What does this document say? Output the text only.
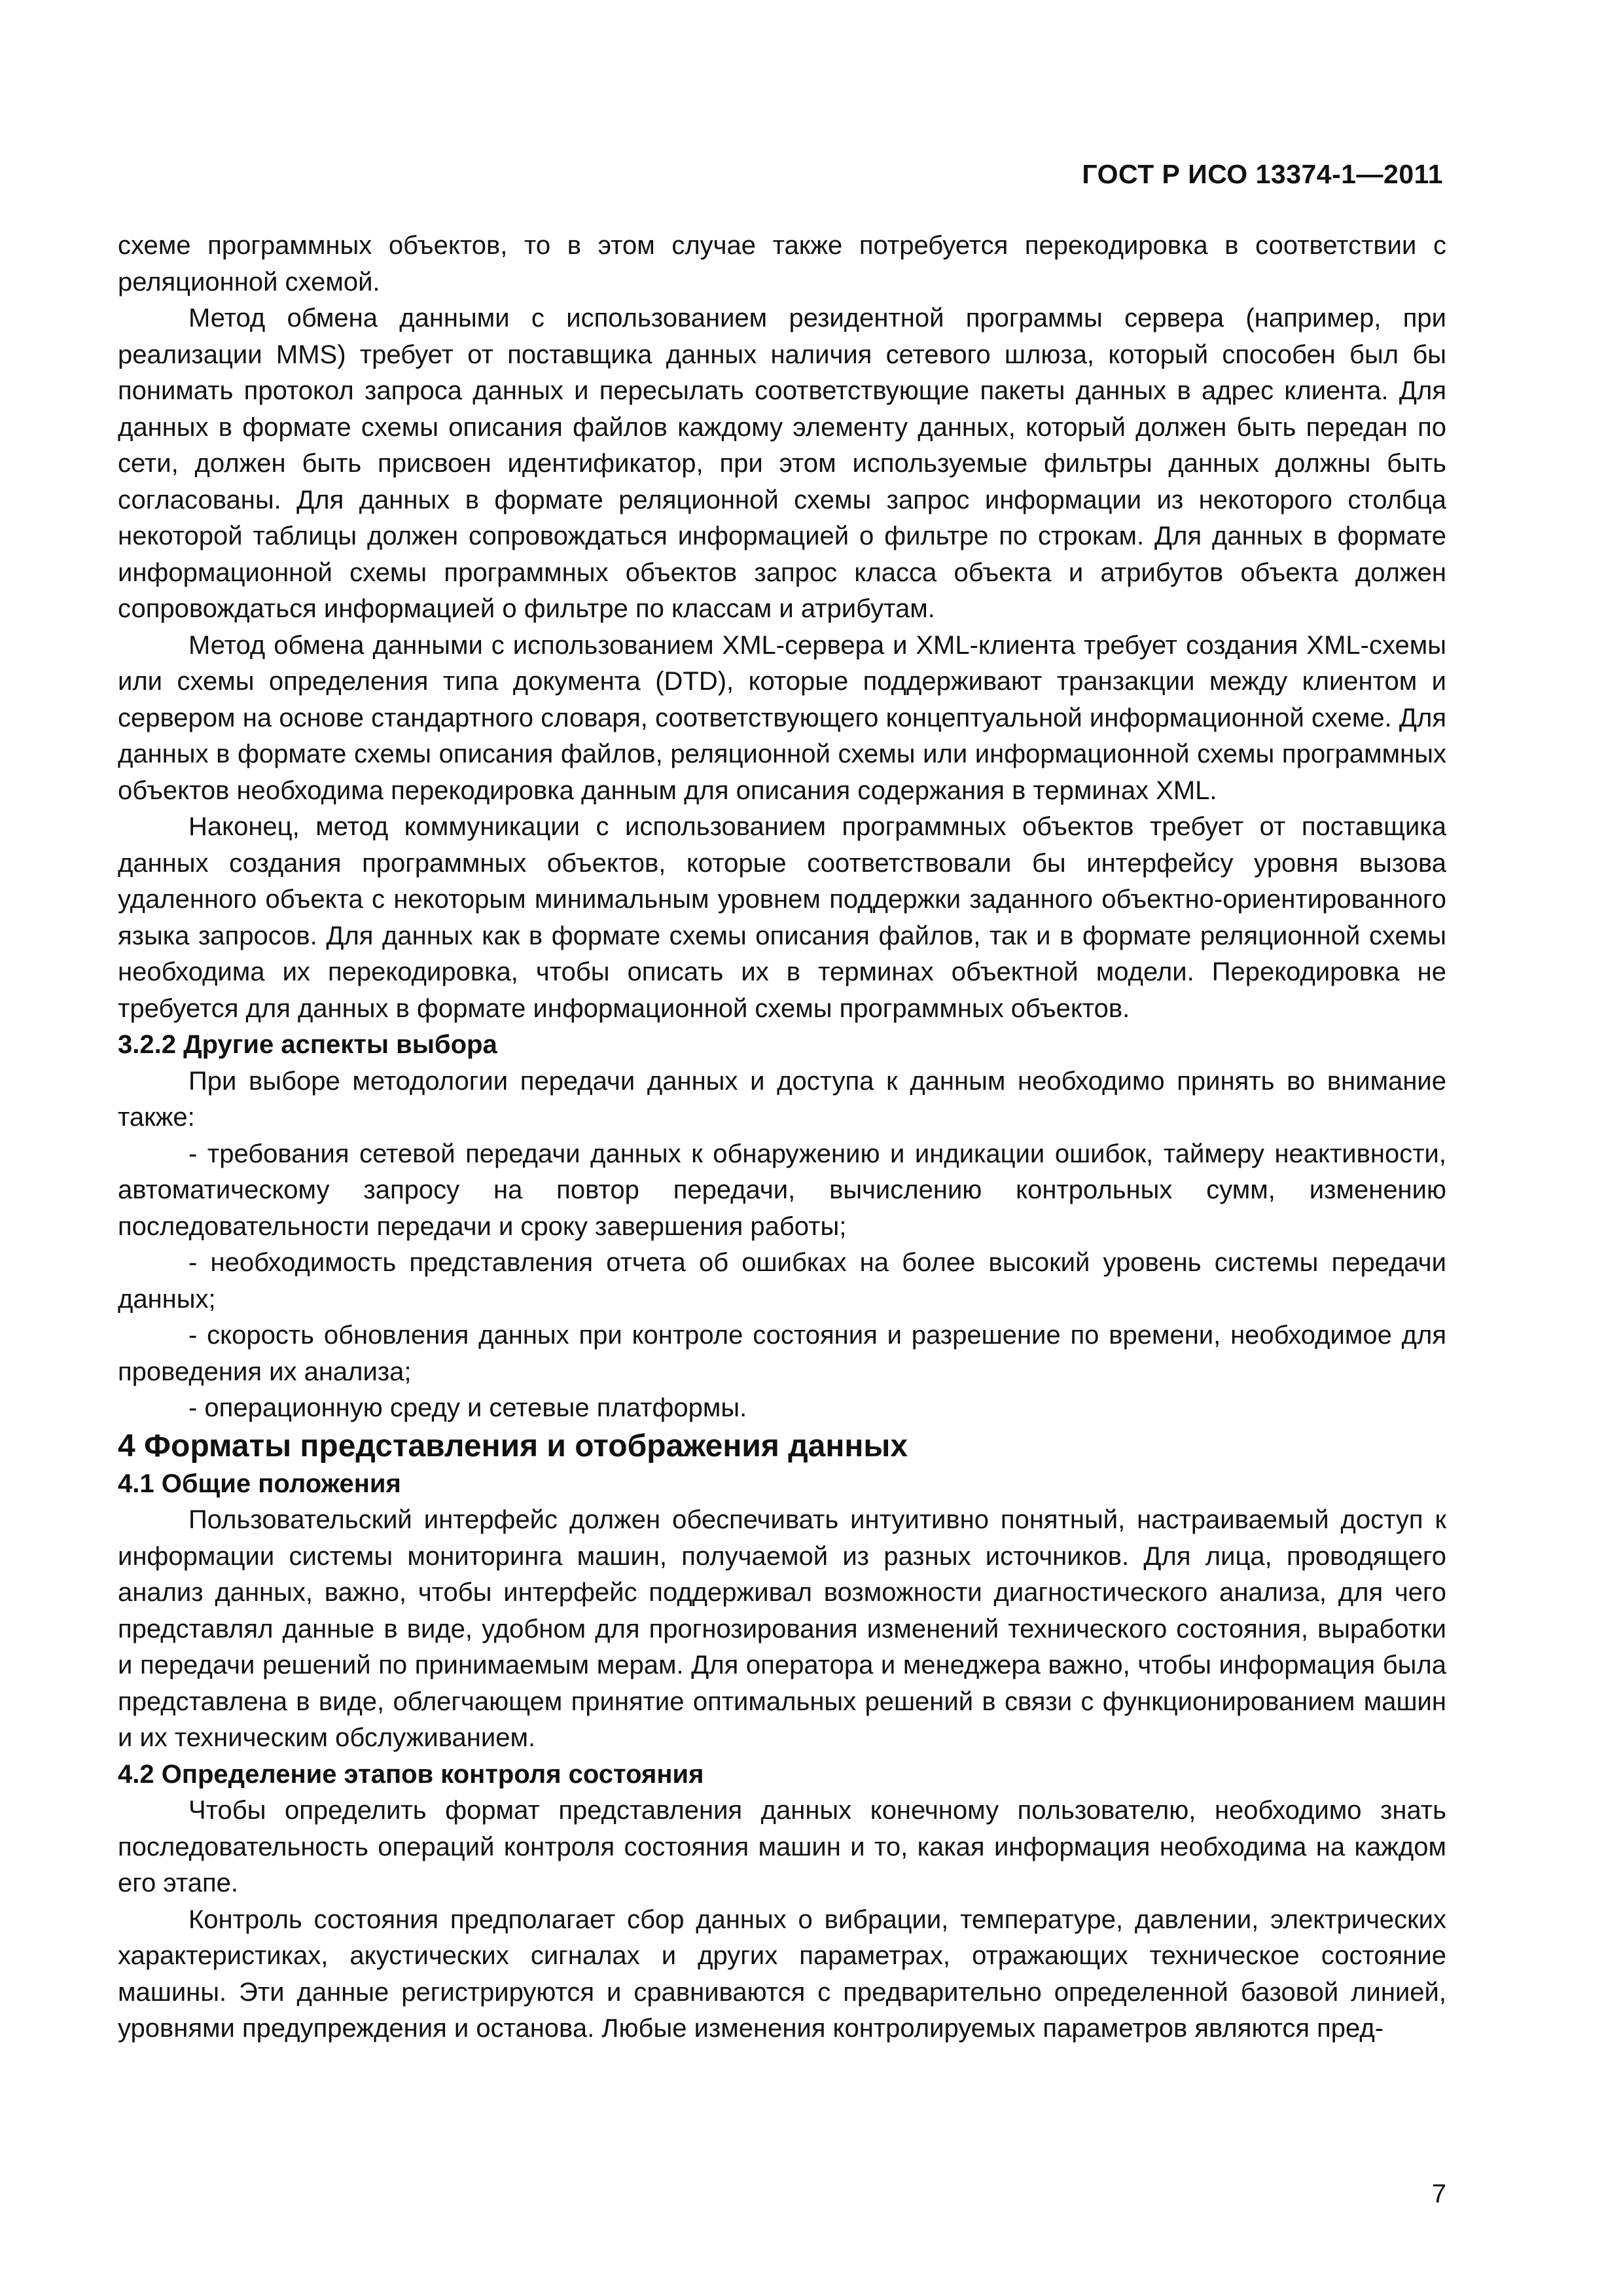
ГОСТ Р ИСО 13374-1—2011

схеме программных объектов, то в этом случае также потребуется перекодировка в соответствии с реляционной схемой.

Метод обмена данными с использованием резидентной программы сервера (например, при реализации MMS) требует от поставщика данных наличия сетевого шлюза, который способен был бы понимать протокол запроса данных и пересылать соответствующие пакеты данных в адрес клиента. Для данных в формате схемы описания файлов каждому элементу данных, который должен быть передан по сети, должен быть присвоен идентификатор, при этом используемые фильтры данных должны быть согласованы. Для данных в формате реляционной схемы запрос информации из некоторого столбца некоторой таблицы должен сопровождаться информацией о фильтре по строкам. Для данных в формате информационной схемы программных объектов запрос класса объекта и атрибутов объекта должен сопровождаться информацией о фильтре по классам и атрибутам.

Метод обмена данными с использованием XML-сервера и XML-клиента требует создания XML-схемы или схемы определения типа документа (DTD), которые поддерживают транзакции между клиентом и сервером на основе стандартного словаря, соответствующего концептуальной информационной схеме. Для данных в формате схемы описания файлов, реляционной схемы или информационной схемы программных объектов необходима перекодировка данным для описания содержания в терминах XML.

Наконец, метод коммуникации с использованием программных объектов требует от поставщика данных создания программных объектов, которые соответствовали бы интерфейсу уровня вызова удаленного объекта с некоторым минимальным уровнем поддержки заданного объектно-ориентированного языка запросов. Для данных как в формате схемы описания файлов, так и в формате реляционной схемы необходима их перекодировка, чтобы описать их в терминах объектной модели. Перекодировка не требуется для данных в формате информационной схемы программных объектов.

3.2.2 Другие аспекты выбора

При выборе методологии передачи данных и доступа к данным необходимо принять во внимание также:

- требования сетевой передачи данных к обнаружению и индикации ошибок, таймеру неактивности, автоматическому запросу на повтор передачи, вычислению контрольных сумм, изменению последовательности передачи и сроку завершения работы;

- необходимость представления отчета об ошибках на более высокий уровень системы передачи данных;

- скорость обновления данных при контроле состояния и разрешение по времени, необходимое для проведения их анализа;

- операционную среду и сетевые платформы.

4 Форматы представления и отображения данных

4.1 Общие положения

Пользовательский интерфейс должен обеспечивать интуитивно понятный, настраиваемый доступ к информации системы мониторинга машин, получаемой из разных источников. Для лица, проводящего анализ данных, важно, чтобы интерфейс поддерживал возможности диагностического анализа, для чего представлял данные в виде, удобном для прогнозирования изменений технического состояния, выработки и передачи решений по принимаемым мерам. Для оператора и менеджера важно, чтобы информация была представлена в виде, облегчающем принятие оптимальных решений в связи с функционированием машин и их техническим обслуживанием.

4.2 Определение этапов контроля состояния

Чтобы определить формат представления данных конечному пользователю, необходимо знать последовательность операций контроля состояния машин и то, какая информация необходима на каждом его этапе.

Контроль состояния предполагает сбор данных о вибрации, температуре, давлении, электрических характеристиках, акустических сигналах и других параметрах, отражающих техническое состояние машины. Эти данные регистрируются и сравниваются с предварительно определенной базовой линией, уровнями предупреждения и останова. Любые изменения контролируемых параметров являются пред-

7
